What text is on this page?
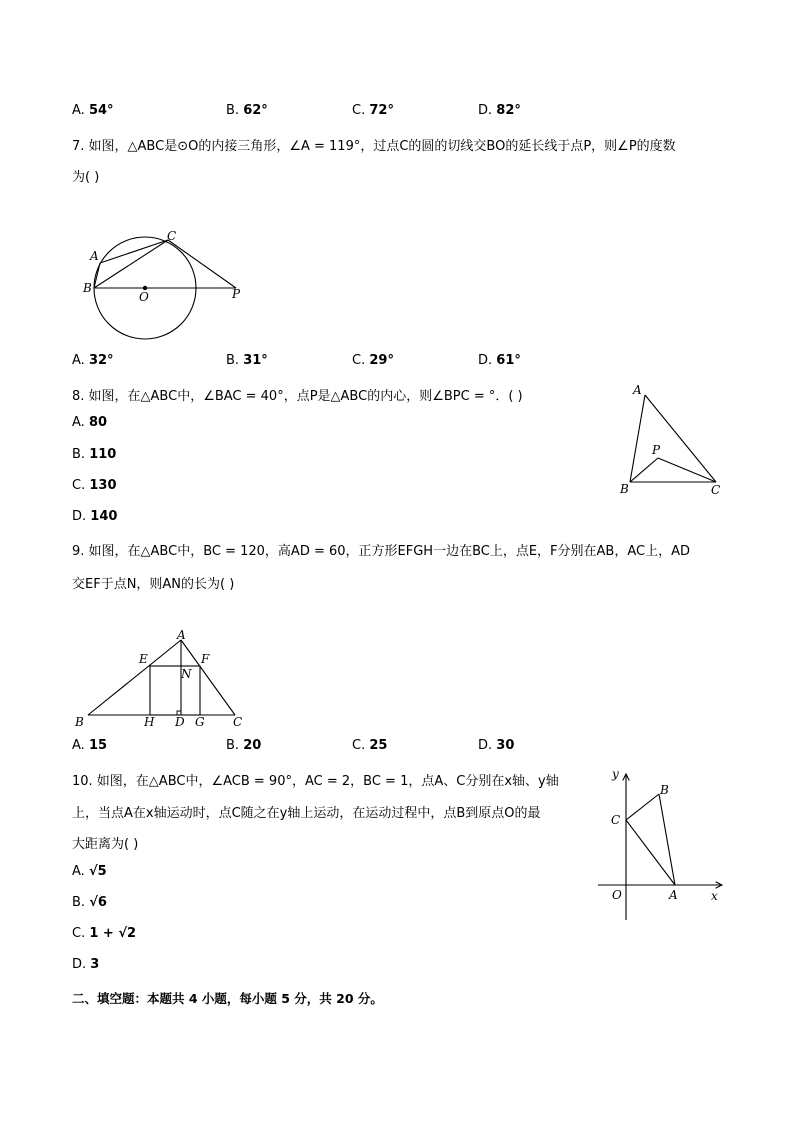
A. 54°	B. 62°	C. 72°	D. 82°
7. 如图，△ABC是⊙O的内接三角形，∠A = 119°，过点C的圆的切线交BO的延长线于点P，则∠P的度数
为( )
A
B
C
O	P
A. 32°	B. 31°	C. 29°	D. 61°
8. 如图，在△ABC中，∠BAC = 40°，点P是△ABC的内心，则∠BPC = °．( )
A. 80
B. 110
C. 130
D. 140
A
B	C
P
9. 如图，在△ABC中，BC = 120，高AD = 60，正方形EFGH一边在BC上，点E，F分别在AB，AC上，AD
交EF于点N，则AN的长为( )
A
B	C
D
E	F
G
H
N
A. 15	B. 20	C. 25	D. 30
10. 如图，在△ABC中，∠ACB = 90°，AC = 2，BC = 1，点A、C分别在x轴、y轴
上，当点A在x轴运动时，点C随之在y轴上运动，在运动过程中，点B到原点O的最
大距离为( )
A. √5
B. √6
C. 1 + √2
D. 3
y
x
O	A
C
B
二、填空题：本题共 4 小题，每小题 5 分，共 20 分。
